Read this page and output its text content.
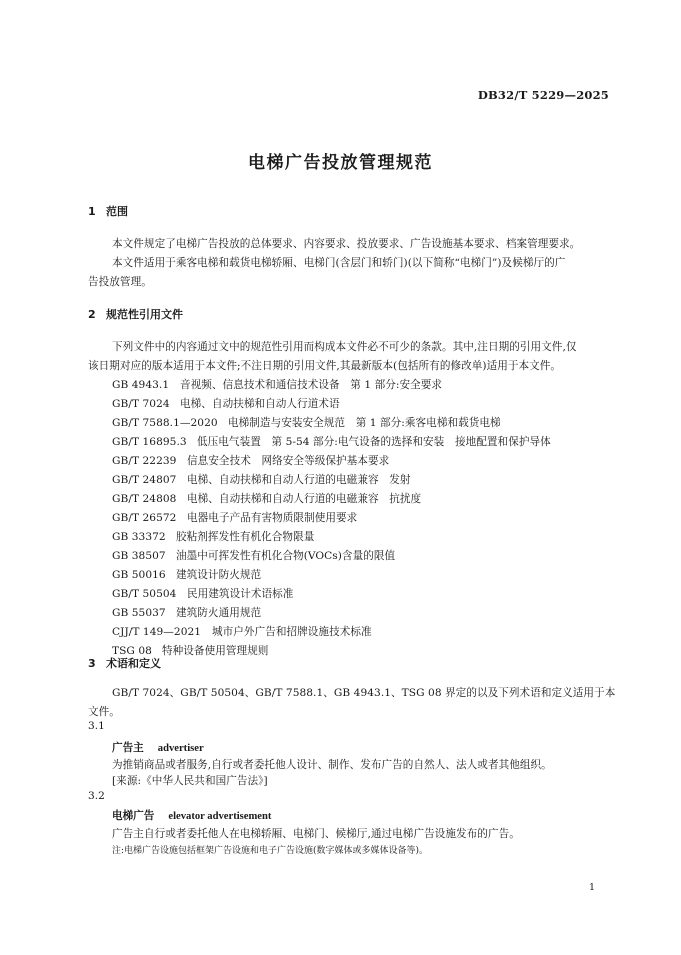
DB32/T 5229—2025
电梯广告投放管理规范
1 范围
本文件规定了电梯广告投放的总体要求、内容要求、投放要求、广告设施基本要求、档案管理要求。
本文件适用于乘客电梯和载货电梯轿厢、电梯门(含层门和轿门)(以下简称“电梯门”)及候梯厅的广
告投放管理。
2 规范性引用文件
下列文件中的内容通过文中的规范性引用而构成本文件必不可少的条款。其中,注日期的引用文件,仅
该日期对应的版本适用于本文件;不注日期的引用文件,其最新版本(包括所有的修改单)适用于本文件。
GB 4943.1 音视频、信息技术和通信技术设备　第 1 部分:安全要求
GB/T 7024 电梯、自动扶梯和自动人行道术语
GB/T 7588.1—2020 电梯制造与安装安全规范　第 1 部分:乘客电梯和载货电梯
GB/T 16895.3 低压电气装置　第 5-54 部分:电气设备的选择和安装　接地配置和保护导体
GB/T 22239 信息安全技术　网络安全等级保护基本要求
GB/T 24807 电梯、自动扶梯和自动人行道的电磁兼容　发射
GB/T 24808 电梯、自动扶梯和自动人行道的电磁兼容　抗扰度
GB/T 26572 电器电子产品有害物质限制使用要求
GB 33372 胶粘剂挥发性有机化合物限量
GB 38507 油墨中可挥发性有机化合物(VOCs)含量的限值
GB 50016 建筑设计防火规范
GB/T 50504 民用建筑设计术语标准
GB 55037 建筑防火通用规范
CJJ/T 149—2021 城市户外广告和招牌设施技术标准
TSG 08 特种设备使用管理规则
3 术语和定义
GB/T 7024、GB/T 50504、GB/T 7588.1、GB 4943.1、TSG 08 界定的以及下列术语和定义适用于本
文件。
3.1
广告主 advertiser
为推销商品或者服务,自行或者委托他人设计、制作、发布广告的自然人、法人或者其他组织。
[来源:《中华人民共和国广告法》]
3.2
电梯广告 elevator advertisement
广告主自行或者委托他人在电梯轿厢、电梯门、候梯厅,通过电梯广告设施发布的广告。
注:电梯广告设施包括框架广告设施和电子广告设施(数字媒体或多媒体设备等)。
1
